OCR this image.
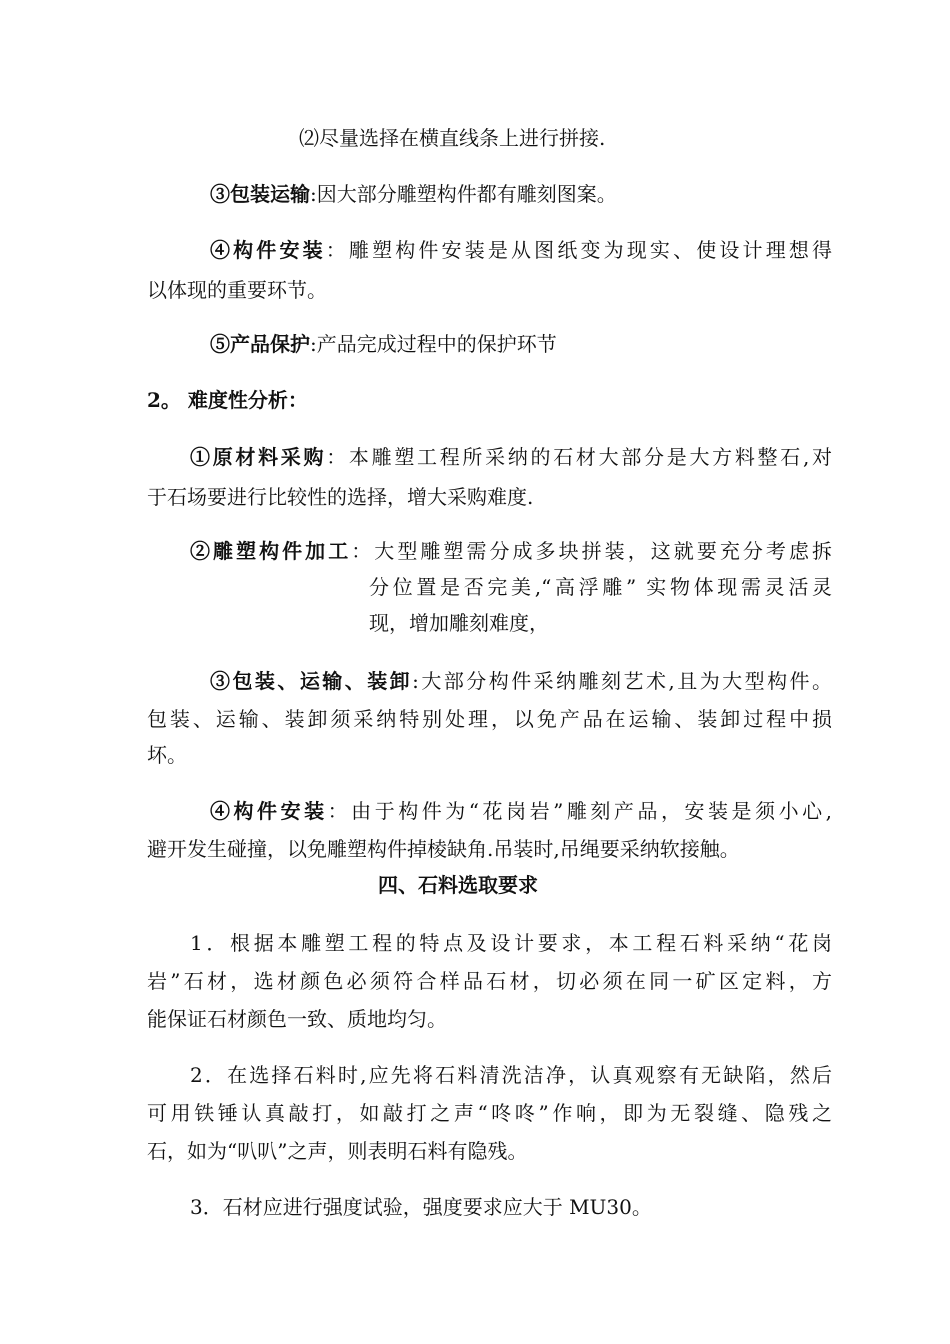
⑵尽量选择在横直线条上进行拼接.
③包装运输:因大部分雕塑构件都有雕刻图案。
④构件安装：雕塑构件安装是从图纸变为现实、使设计理想得
以体现的重要环节。
⑤产品保护:产品完成过程中的保护环节
2。 难度性分析：
①原材料采购：本雕塑工程所采纳的石材大部分是大方料整石,对
于石场要进行比较性的选择，增大采购难度.
②雕塑构件加工：大型雕塑需分成多块拼装，这就要充分考虑拆
分位置是否完美,“高浮雕” 实物体现需灵活灵
现，增加雕刻难度，
③包装、运输、装卸:大部分构件采纳雕刻艺术,且为大型构件。
包装、运输、装卸须采纳特别处理，以免产品在运输、装卸过程中损
坏。
④构件安装：由于构件为“花岗岩”雕刻产品，安装是须小心,
避开发生碰撞，以免雕塑构件掉棱缺角.吊装时,吊绳要采纳软接触。
四、石料选取要求
1．根据本雕塑工程的特点及设计要求，本工程石料采纳“花岗
岩”石材，选材颜色必须符合样品石材，切必须在同一矿区定料，方
能保证石材颜色一致、质地均匀。
2．在选择石料时,应先将石料清洗洁净，认真观察有无缺陷，然后
可用铁锤认真敲打，如敲打之声“咚咚”作响，即为无裂缝、隐残之
石，如为“叭叭”之声，则表明石料有隐残。
3．石材应进行强度试验，强度要求应大于 MU30。
